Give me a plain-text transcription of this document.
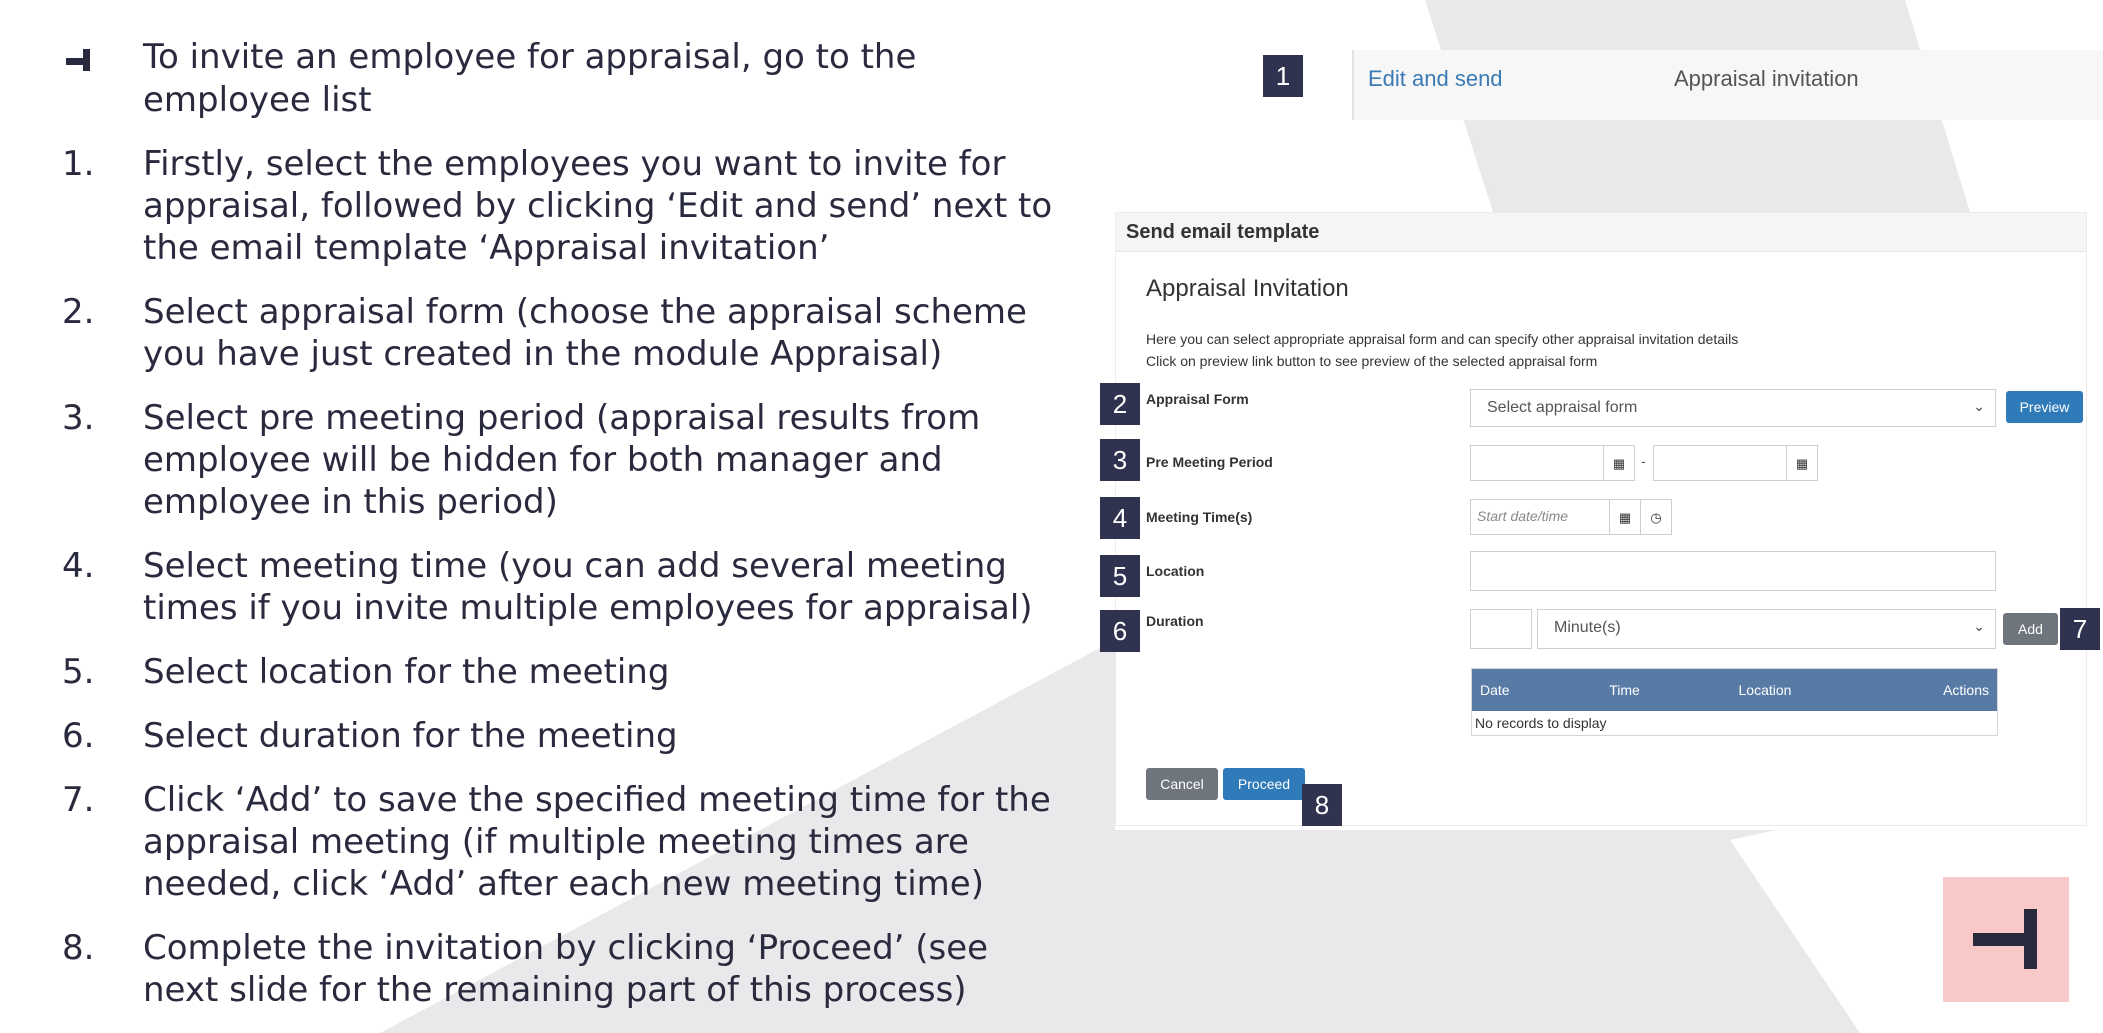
To invite an employee for appraisal, go to the employee list
1.	Firstly, select the employees you want to invite for appraisal, followed by clicking ‘Edit and send’ next to the email template ‘Appraisal invitation’
2.	Select appraisal form (choose the appraisal scheme you have just created in the module Appraisal)
3.	Select pre meeting period (appraisal results from employee will be hidden for both manager and employee in this period)
4.	Select meeting time (you can add several meeting times if you invite multiple employees for appraisal)
5.	Select location for the meeting
6.	Select duration for the meeting
7.	Click ‘Add’ to save the specified meeting time for the appraisal meeting (if multiple meeting times are needed, click ‘Add’ after each new meeting time)
8.	Complete the invitation by clicking ‘Proceed’ (see next slide for the remaining part of this process)
Edit and send	Appraisal invitation
1
Send email template
Appraisal Invitation
Here you can select appropriate appraisal form and can specify other appraisal invitation details
Click on preview link button to see preview of the selected appraisal form
Appraisal Form	Select appraisal form	⌄	Preview
Pre Meeting Period	▦	-	▦
Meeting Time(s)	Start date/time	▦	◷
Location
Duration	Minute(s)	⌄	Add
Date	Time	Location	Actions
No records to display
Cancel	Proceed
2
3
4
5
6	7
8
